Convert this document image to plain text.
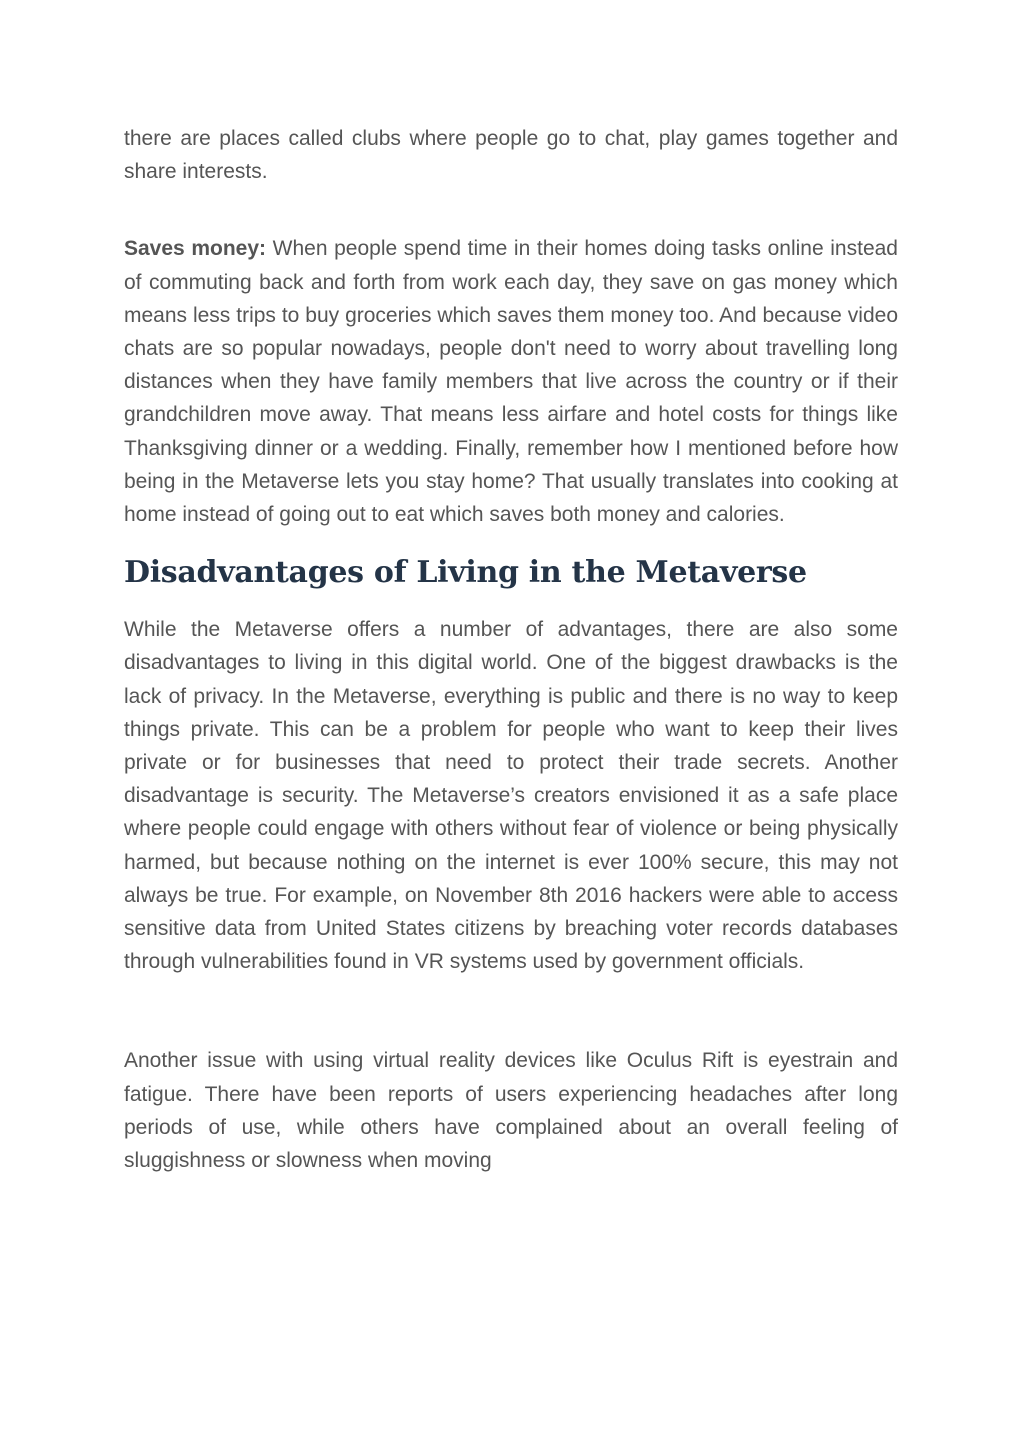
there are places called clubs where people go to chat, play games together and share interests.

Saves money: When people spend time in their homes doing tasks online instead of commuting back and forth from work each day, they save on gas money which means less trips to buy groceries which saves them money too. And because video chats are so popular nowadays, people don't need to worry about travelling long distances when they have family members that live across the country or if their grandchildren move away. That means less airfare and hotel costs for things like Thanksgiving dinner or a wedding. Finally, remember how I mentioned before how being in the Metaverse lets you stay home? That usually translates into cooking at home instead of going out to eat which saves both money and calories.

Disadvantages of Living in the Metaverse

While the Metaverse offers a number of advantages, there are also some disadvantages to living in this digital world. One of the biggest drawbacks is the lack of privacy. In the Metaverse, everything is public and there is no way to keep things private. This can be a problem for people who want to keep their lives private or for businesses that need to protect their trade secrets. Another disadvantage is security. The Metaverse’s creators envisioned it as a safe place where people could engage with others without fear of violence or being physically harmed, but because nothing on the internet is ever 100% secure, this may not always be true. For example, on November 8th 2016 hackers were able to access sensitive data from United States citizens by breaching voter records databases through vulnerabilities found in VR systems used by government officials.

Another issue with using virtual reality devices like Oculus Rift is eyestrain and fatigue. There have been reports of users experiencing headaches after long periods of use, while others have complained about an overall feeling of sluggishness or slowness when moving
